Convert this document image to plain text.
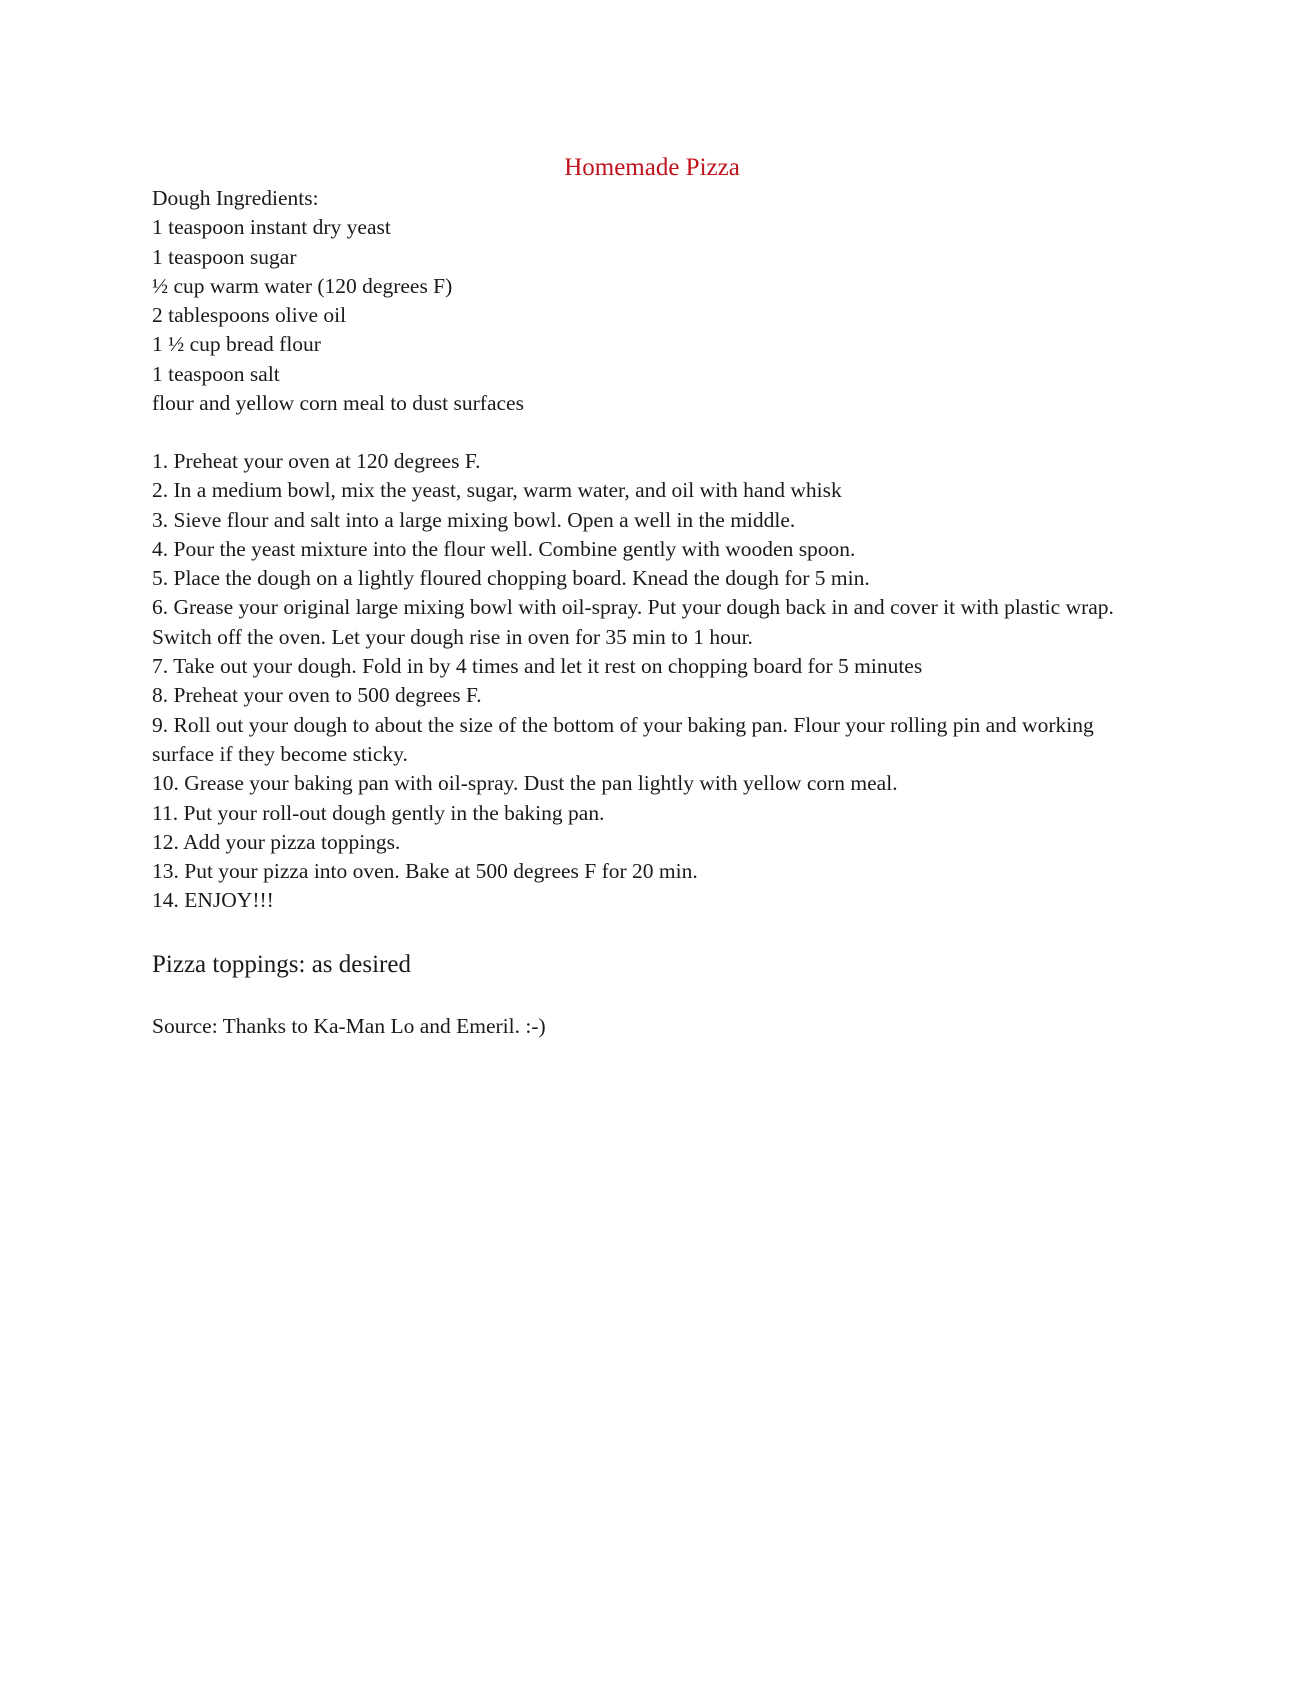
Homemade Pizza
Dough Ingredients:
1 teaspoon instant dry yeast
1 teaspoon sugar
½ cup warm water (120 degrees F)
2 tablespoons olive oil
1 ½ cup bread flour
1 teaspoon salt
flour and yellow corn meal to dust surfaces
1. Preheat your oven at 120 degrees F.
2. In a medium bowl, mix the yeast, sugar, warm water, and oil with hand whisk
3. Sieve flour and salt into a large mixing bowl. Open a well in the middle.
4. Pour the yeast mixture into the flour well. Combine gently with wooden spoon.
5. Place the dough on a lightly floured chopping board. Knead the dough for 5 min.
6. Grease your original large mixing bowl with oil-spray. Put your dough back in and cover it with plastic wrap. Switch off the oven. Let your dough rise in oven for 35 min to 1 hour.
7. Take out your dough. Fold in by 4 times and let it rest on chopping board for 5 minutes
8. Preheat your oven to 500 degrees F.
9. Roll out your dough to about the size of the bottom of your baking pan. Flour your rolling pin and working surface if they become sticky.
10. Grease your baking pan with oil-spray. Dust the pan lightly with yellow corn meal.
11. Put your roll-out dough gently in the baking pan.
12. Add your pizza toppings.
13. Put your pizza into oven. Bake at 500 degrees F for 20 min.
14. ENJOY!!!

Pizza toppings: as desired

Source: Thanks to Ka-Man Lo and Emeril. :-)
